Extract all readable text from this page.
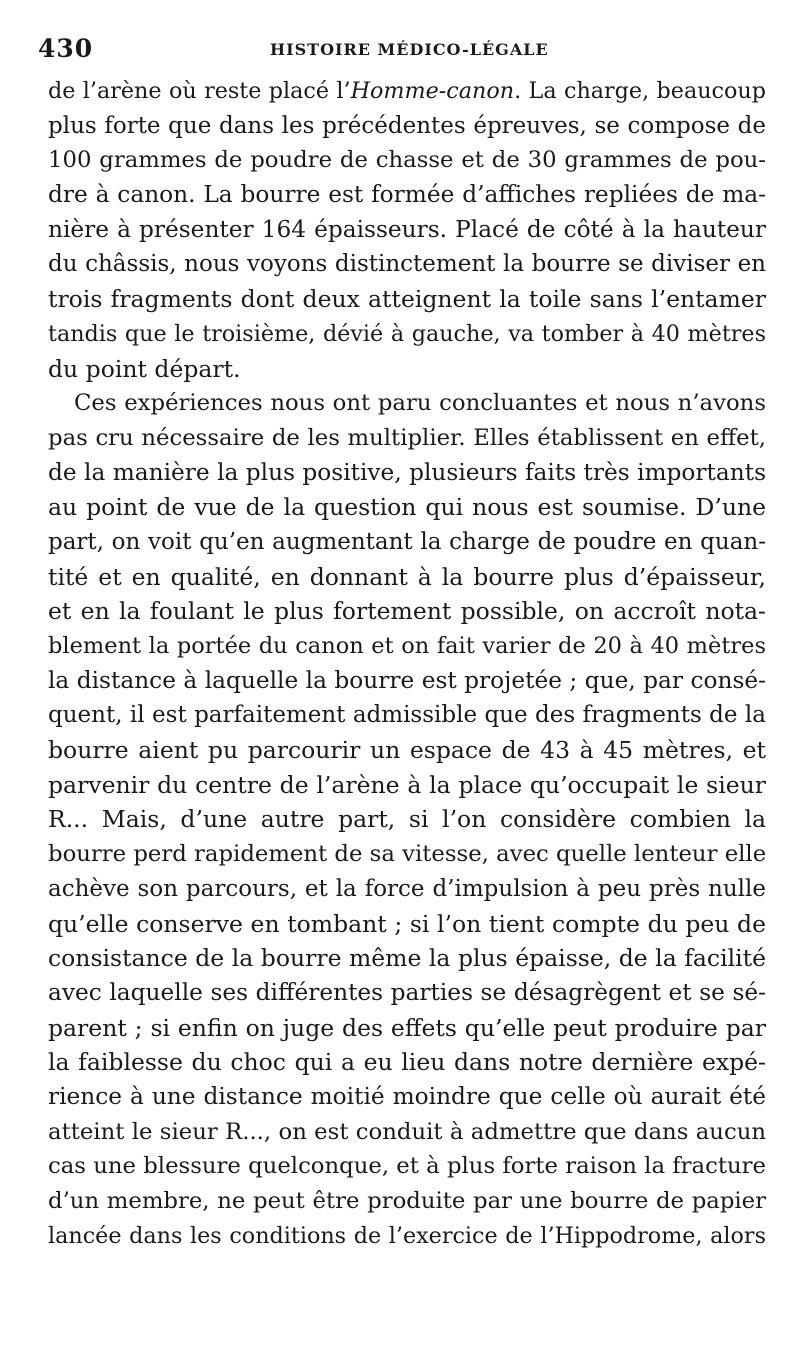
430	HISTOIRE MÉDICO-LÉGALE
de l’arène où reste placé l’Homme-canon. La charge, beaucoup
plus forte que dans les précédentes épreuves, se compose de
100 grammes de poudre de chasse et de 30 grammes de pou-
dre à canon. La bourre est formée d’affiches repliées de ma-
nière à présenter 164 épaisseurs. Placé de côté à la hauteur
du châssis, nous voyons distinctement la bourre se diviser en
trois fragments dont deux atteignent la toile sans l’entamer
tandis que le troisième, dévié à gauche, va tomber à 40 mètres
du point départ.
Ces expériences nous ont paru concluantes et nous n’avons
pas cru nécessaire de les multiplier. Elles établissent en effet,
de la manière la plus positive, plusieurs faits très importants
au point de vue de la question qui nous est soumise. D’une
part, on voit qu’en augmentant la charge de poudre en quan-
tité et en qualité, en donnant à la bourre plus d’épaisseur,
et en la foulant le plus fortement possible, on accroît nota-
blement la portée du canon et on fait varier de 20 à 40 mètres
la distance à laquelle la bourre est projetée ; que, par consé-
quent, il est parfaitement admissible que des fragments de la
bourre aient pu parcourir un espace de 43 à 45 mètres, et
parvenir du centre de l’arène à la place qu’occupait le sieur
R... Mais, d’une autre part, si l’on considère combien la
bourre perd rapidement de sa vitesse, avec quelle lenteur elle
achève son parcours, et la force d’impulsion à peu près nulle
qu’elle conserve en tombant ; si l’on tient compte du peu de
consistance de la bourre même la plus épaisse, de la facilité
avec laquelle ses différentes parties se désagrègent et se sé-
parent ; si enfin on juge des effets qu’elle peut produire par
la faiblesse du choc qui a eu lieu dans notre dernière expé-
rience à une distance moitié moindre que celle où aurait été
atteint le sieur R..., on est conduit à admettre que dans aucun
cas une blessure quelconque, et à plus forte raison la fracture
d’un membre, ne peut être produite par une bourre de papier
lancée dans les conditions de l’exercice de l’Hippodrome, alors
